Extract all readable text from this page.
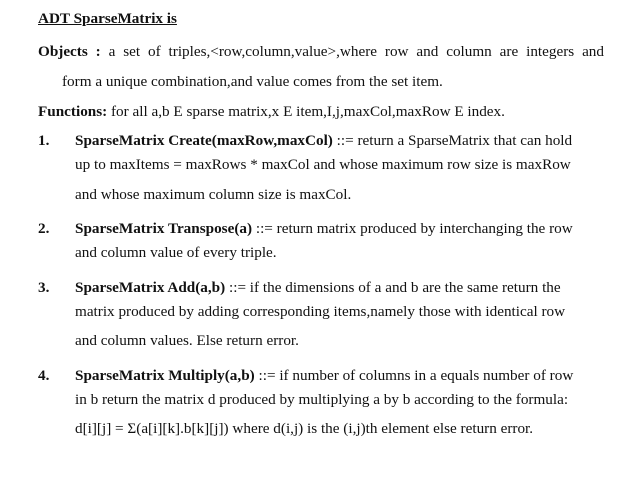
ADT SparseMatrix is
Objects : a set of triples,<row,column,value>,where row and column are integers and
form a unique combination,and value comes from the set item.
Functions: for all a,b E sparse matrix,x E item,I,j,maxCol,maxRow E index.
1.	SparseMatrix Create(maxRow,maxCol) ::= return a SparseMatrix that can hold
up to maxItems = maxRows * maxCol and whose maximum row size is maxRow
and whose maximum column size is maxCol.
2.	SparseMatrix Transpose(a) ::= return matrix produced by interchanging the row
and column value of every triple.
3.	SparseMatrix Add(a,b) ::= if the dimensions of a and b are the same return the
matrix produced by adding corresponding items,namely those with identical row
and column values. Else return error.
4.	SparseMatrix Multiply(a,b) ::= if number of columns in a equals number of row
in b return the matrix d produced by multiplying a by b according to the formula:
d[i][j] = Σ(a[i][k].b[k][j]) where d(i,j) is the (i,j)th element else return error.
